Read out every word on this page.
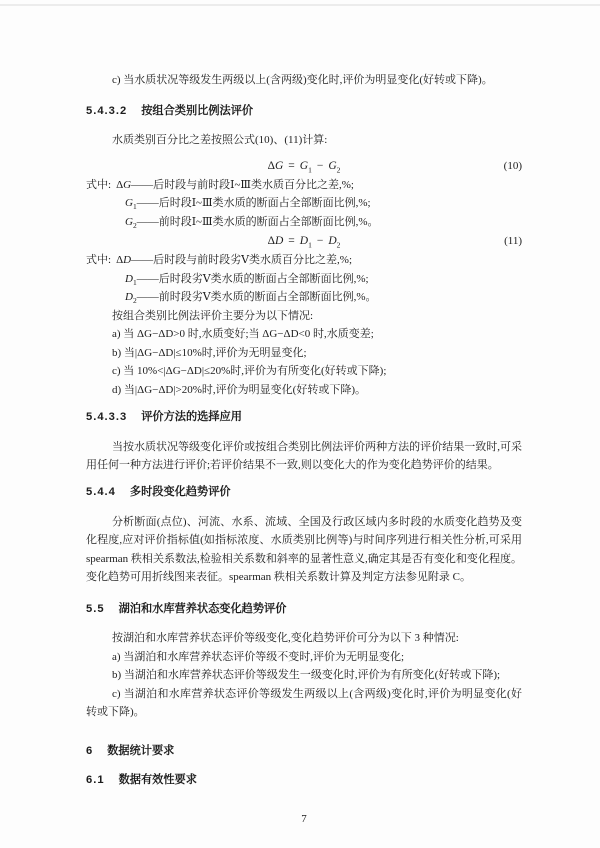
c) 当水质状况等级发生两级以上(含两级)变化时,评价为明显变化(好转或下降)。

5.4.3.2 按组合类别比例法评价

水质类别百分比之差按照公式(10)、(11)计算:

$\Delta G = G_1 - G_2$	(10)

式中: ΔG——后时段与前时段Ⅰ~Ⅲ类水质百分比之差,%;

$G_1——$后时段Ⅰ~Ⅲ类水质的断面占全部断面比例,%;

$G_2——$前时段Ⅰ~Ⅲ类水质的断面占全部断面比例,%。

$\Delta D = D_1 - D_2$	(11)

式中: ΔD——后时段与前时段劣Ⅴ类水质百分比之差,%;

$D_1——$后时段劣Ⅴ类水质的断面占全部断面比例,%;

$D_2——$前时段劣Ⅴ类水质的断面占全部断面比例,%。

按组合类别比例法评价主要分为以下情况:

a) 当 ΔG−ΔD>0 时,水质变好;当 ΔG−ΔD<0 时,水质变差;

b) 当|ΔG−ΔD|≤10%时,评价为无明显变化;

c) 当 10%<|ΔG−ΔD|≤20%时,评价为有所变化(好转或下降);

d) 当|ΔG−ΔD|>20%时,评价为明显变化(好转或下降)。

5.4.3.3 评价方法的选择应用

当按水质状况等级变化评价或按组合类别比例法评价两种方法的评价结果一致时,可采用任何一种方法进行评价;若评价结果不一致,则以变化大的作为变化趋势评价的结果。

5.4.4 多时段变化趋势评价

分析断面(点位)、河流、水系、流域、全国及行政区域内多时段的水质变化趋势及变化程度,应对评价指标值(如指标浓度、水质类别比例等)与时间序列进行相关性分析,可采用 spearman 秩相关系数法,检验相关系数和斜率的显著性意义,确定其是否有变化和变化程度。变化趋势可用折线图来表征。spearman 秩相关系数计算及判定方法参见附录 C。

5.5 湖泊和水库营养状态变化趋势评价

按湖泊和水库营养状态评价等级变化,变化趋势评价可分为以下 3 种情况:

a) 当湖泊和水库营养状态评价等级不变时,评价为无明显变化;

b) 当湖泊和水库营养状态评价等级发生一级变化时,评价为有所变化(好转或下降);

c) 当湖泊和水库营养状态评价等级发生两级以上(含两级)变化时,评价为明显变化(好转或下降)。

6 数据统计要求

6.1 数据有效性要求

7
